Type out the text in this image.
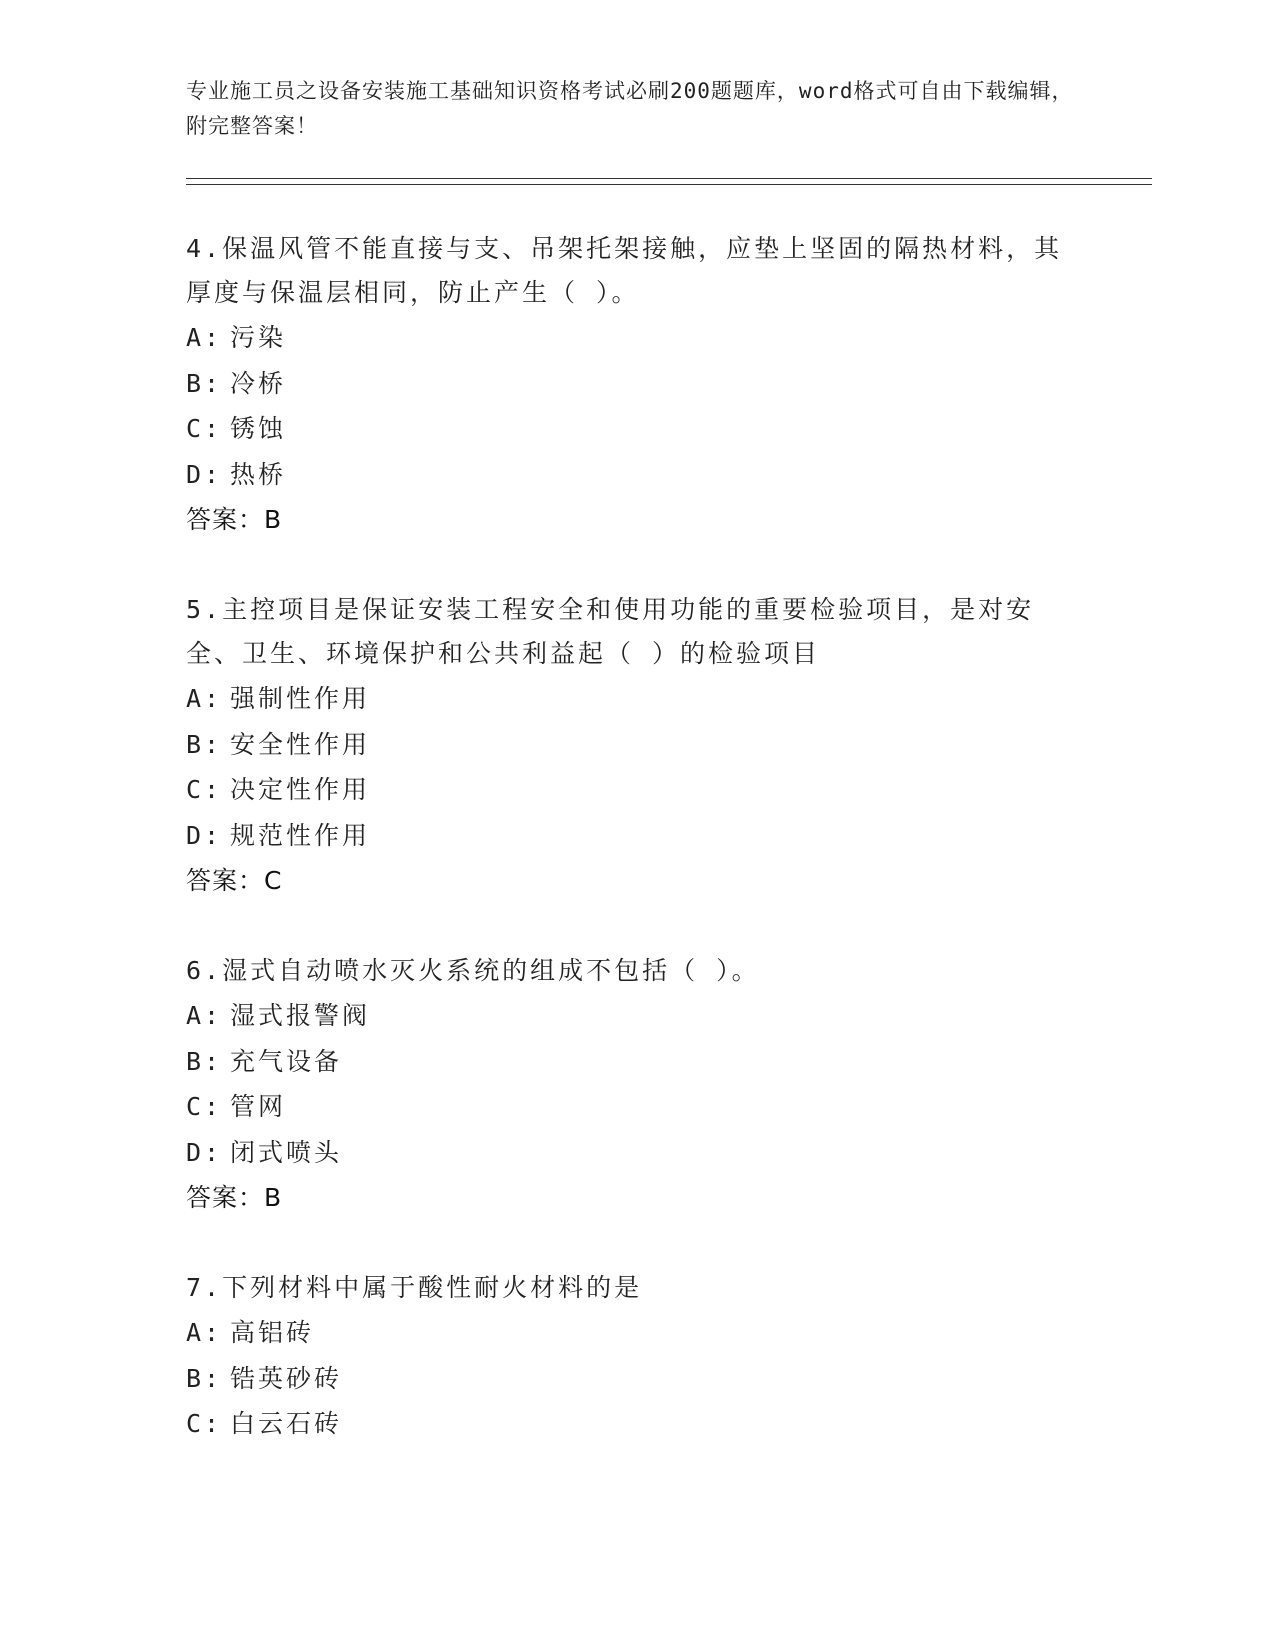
专业施工员之设备安装施工基础知识资格考试必刷200题题库，word格式可自由下载编辑，附完整答案！
4.保温风管不能直接与支、吊架托架接触，应垫上坚固的隔热材料，其厚度与保温层相同，防止产生（ ）。
A: 污染
B: 冷桥
C: 锈蚀
D: 热桥
答案：B
5.主控项目是保证安装工程安全和使用功能的重要检验项目，是对安全、卫生、环境保护和公共利益起（ ）的检验项目
A: 强制性作用
B: 安全性作用
C: 决定性作用
D: 规范性作用
答案：C
6.湿式自动喷水灭火系统的组成不包括（ ）。
A: 湿式报警阀
B: 充气设备
C: 管网
D: 闭式喷头
答案：B
7.下列材料中属于酸性耐火材料的是
A: 高铝砖
B: 锆英砂砖
C: 白云石砖
